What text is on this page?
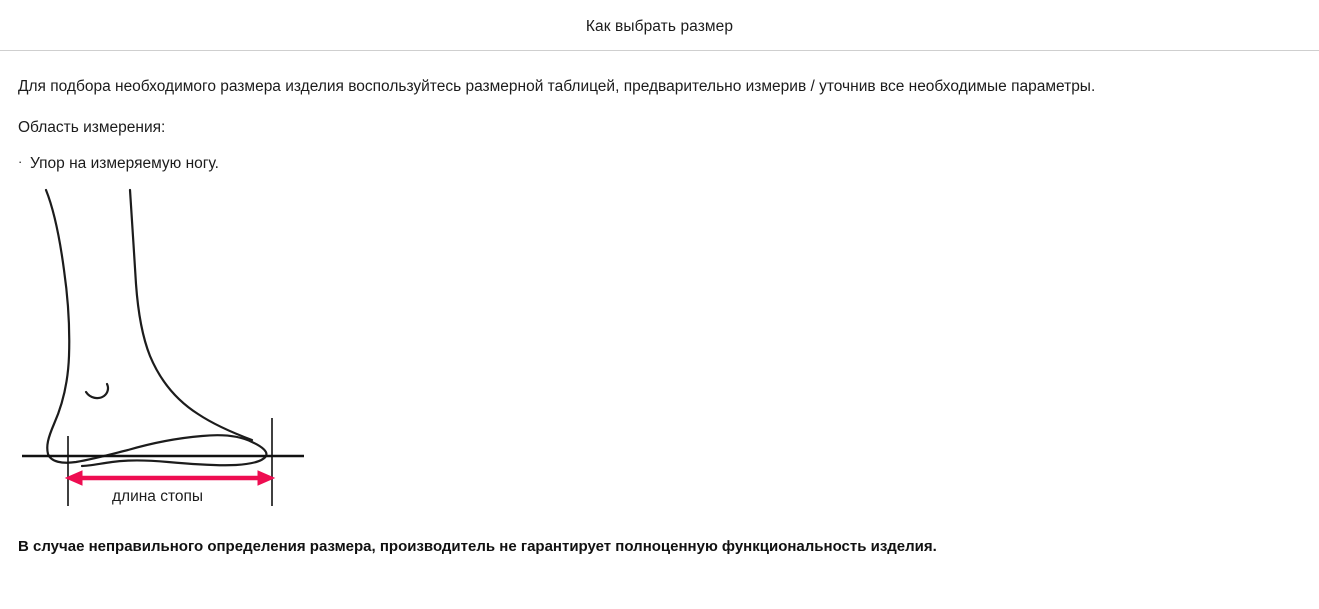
Как выбрать размер

Для подбора необходимого размера изделия воспользуйтесь размерной таблицей, предварительно измерив / уточнив все необходимые параметры.

Область измерения:

· Упор на измеряемую ногу.
длина стопы

В случае неправильного определения размера, производитель не гарантирует полноценную функциональность изделия.
